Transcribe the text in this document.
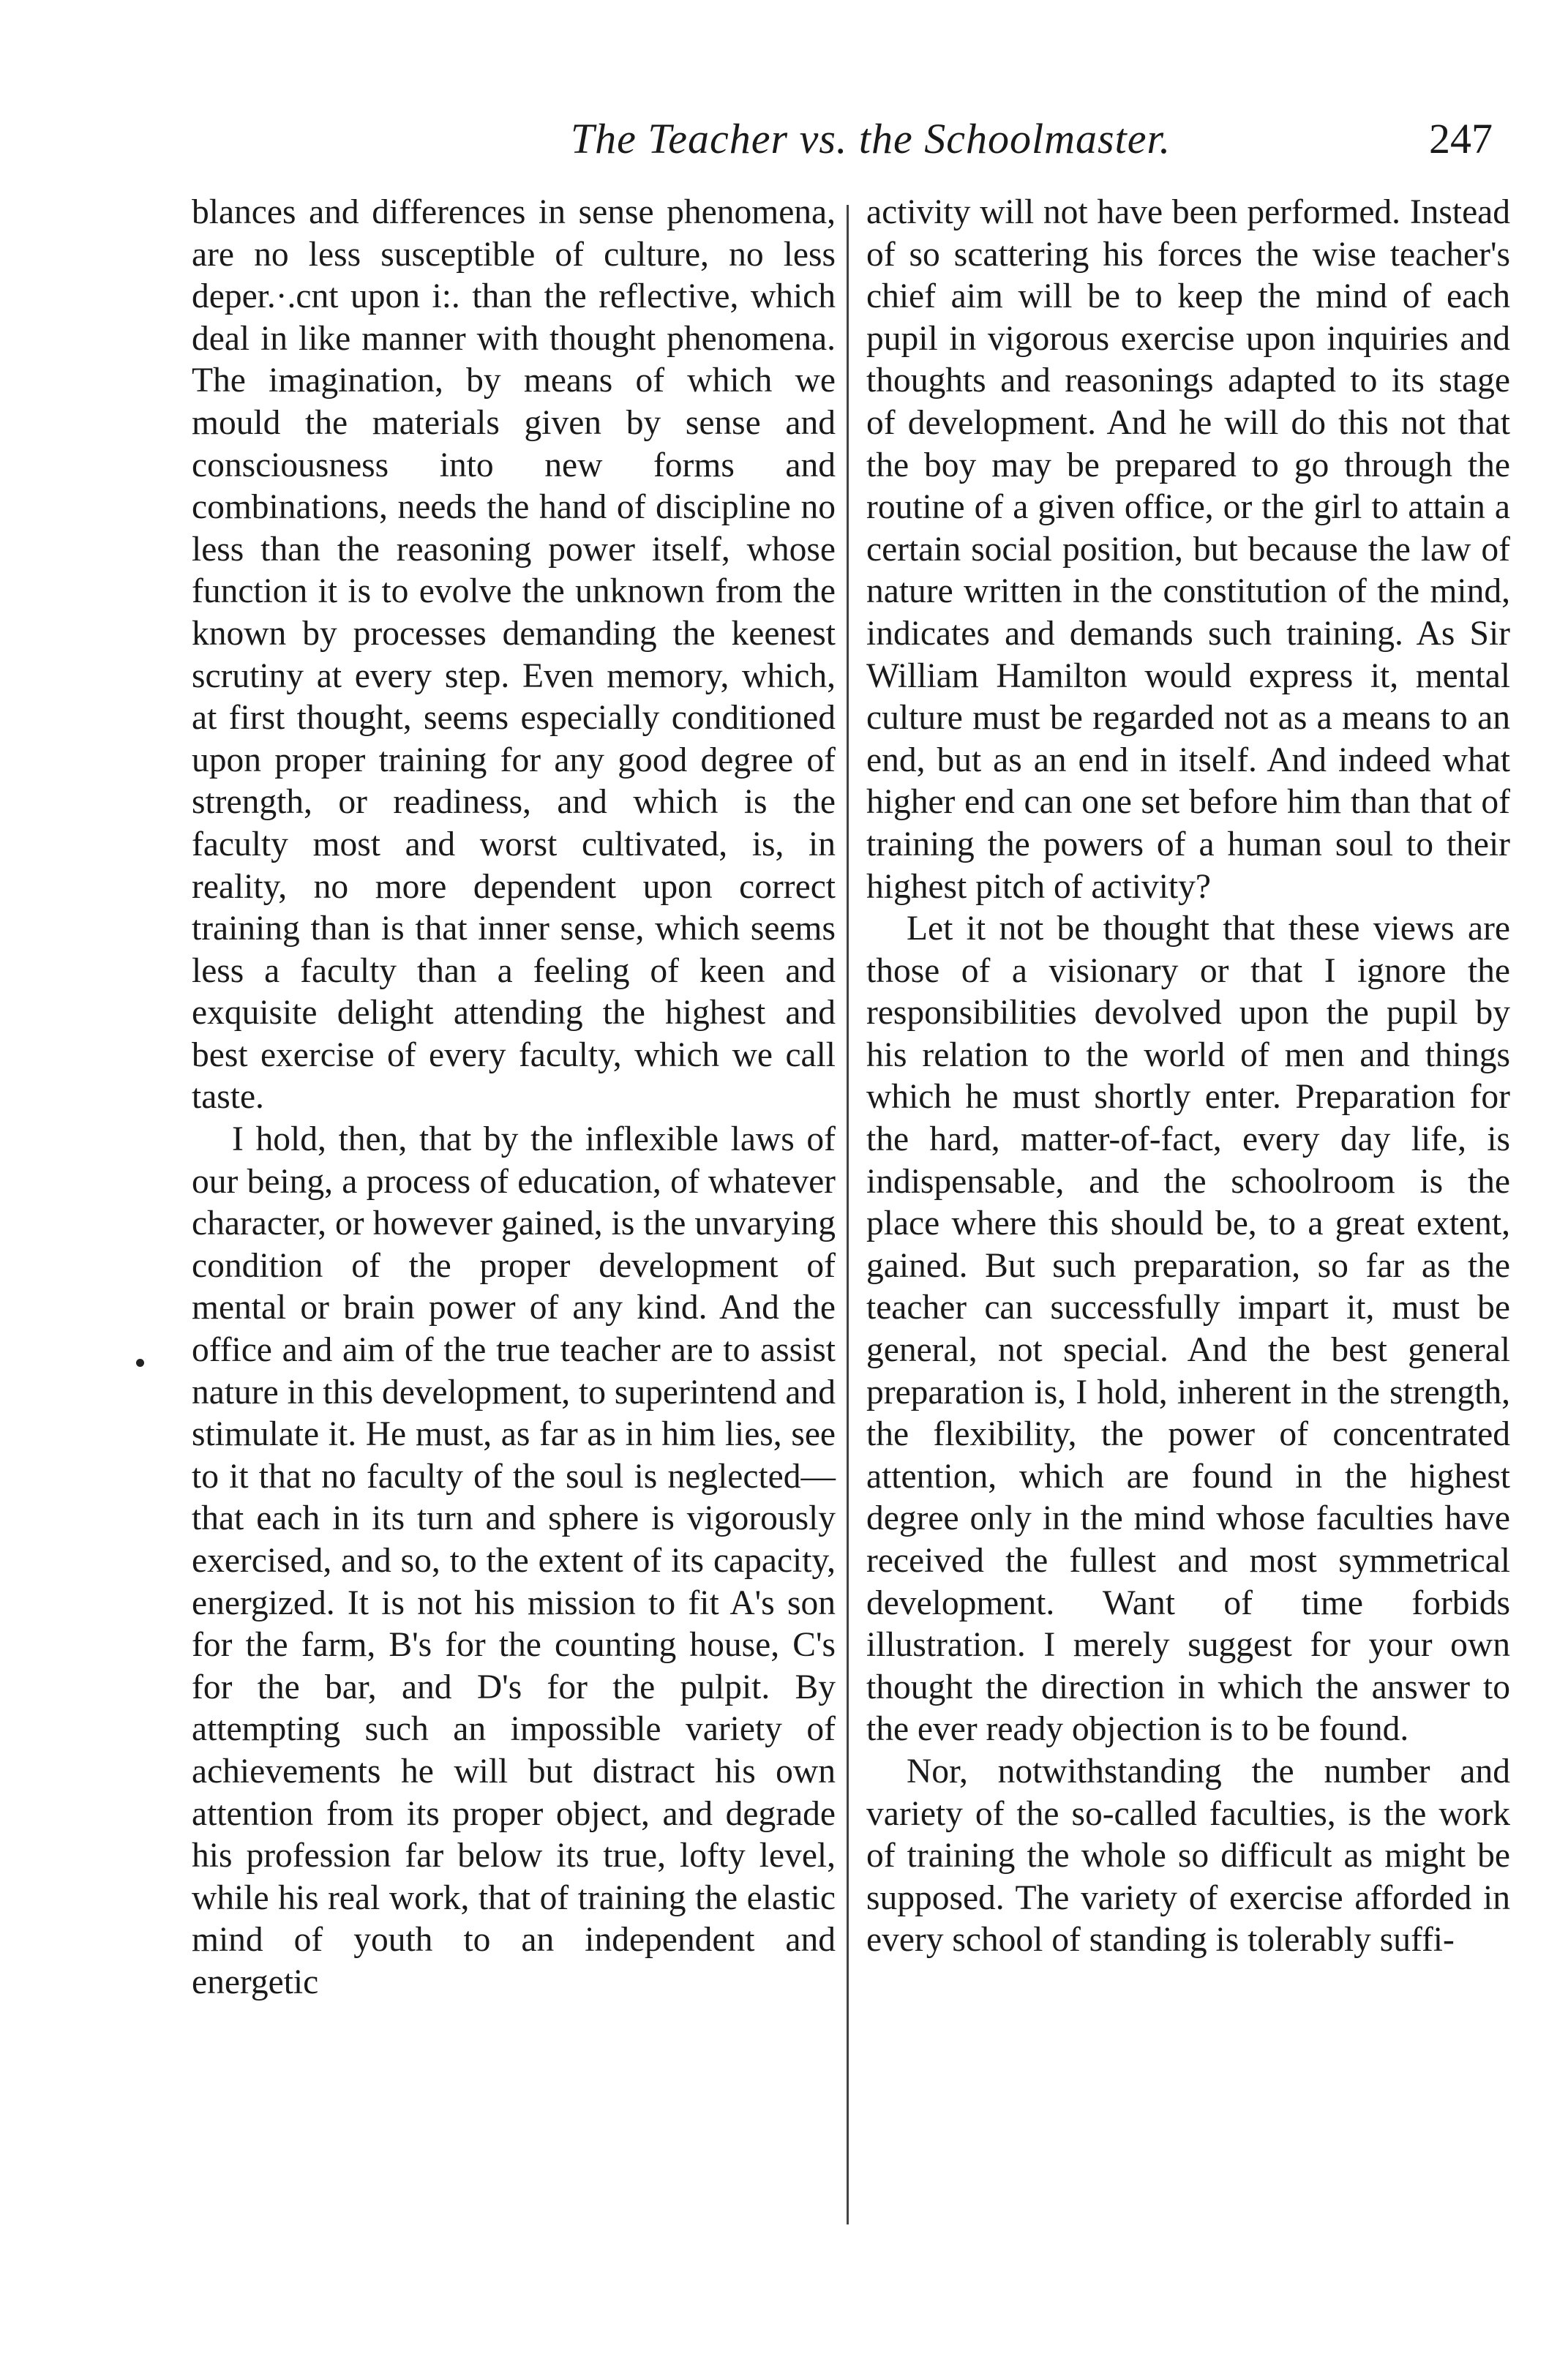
The Teacher vs. the Schoolmaster.	247

blances and differences in sense phenomena, are no less susceptible of culture, no less deper.·.cnt upon i:. than the reflective, which deal in like manner with thought phenomena. The imagination, by means of which we mould the materials given by sense and consciousness into new forms and combinations, needs the hand of discipline no less than the reasoning power itself, whose function it is to evolve the unknown from the known by processes demanding the keenest scrutiny at every step. Even memory, which, at first thought, seems especially conditioned upon proper training for any good degree of strength, or readiness, and which is the faculty most and worst cultivated, is, in reality, no more dependent upon correct training than is that inner sense, which seems less a faculty than a feeling of keen and exquisite delight attending the highest and best exercise of every faculty, which we call taste.

I hold, then, that by the inflexible laws of our being, a process of education, of whatever character, or however gained, is the unvarying condition of the proper development of mental or brain power of any kind. And the office and aim of the true teacher are to assist nature in this development, to superintend and stimulate it. He must, as far as in him lies, see to it that no faculty of the soul is neglected—that each in its turn and sphere is vigorously exercised, and so, to the extent of its capacity, energized. It is not his mission to fit A's son for the farm, B's for the counting house, C's for the bar, and D's for the pulpit. By attempting such an impossible variety of achievements he will but distract his own attention from its proper object, and degrade his profession far below its true, lofty level, while his real work, that of training the elastic mind of youth to an independent and energetic

activity will not have been performed. Instead of so scattering his forces the wise teacher's chief aim will be to keep the mind of each pupil in vigorous exercise upon inquiries and thoughts and reasonings adapted to its stage of development. And he will do this not that the boy may be prepared to go through the routine of a given office, or the girl to attain a certain social position, but because the law of nature written in the constitution of the mind, indicates and demands such training. As Sir William Hamilton would express it, mental culture must be regarded not as a means to an end, but as an end in itself. And indeed what higher end can one set before him than that of training the powers of a human soul to their highest pitch of activity?

Let it not be thought that these views are those of a visionary or that I ignore the responsibilities devolved upon the pupil by his relation to the world of men and things which he must shortly enter. Preparation for the hard, matter-of-fact, every day life, is indispensable, and the schoolroom is the place where this should be, to a great extent, gained. But such preparation, so far as the teacher can successfully impart it, must be general, not special. And the best general preparation is, I hold, inherent in the strength, the flexibility, the power of concentrated attention, which are found in the highest degree only in the mind whose faculties have received the fullest and most symmetrical development. Want of time forbids illustration. I merely suggest for your own thought the direction in which the answer to the ever ready objection is to be found.

Nor, notwithstanding the number and variety of the so-called faculties, is the work of training the whole so difficult as might be supposed. The variety of exercise afforded in every school of standing is tolerably suffi-
